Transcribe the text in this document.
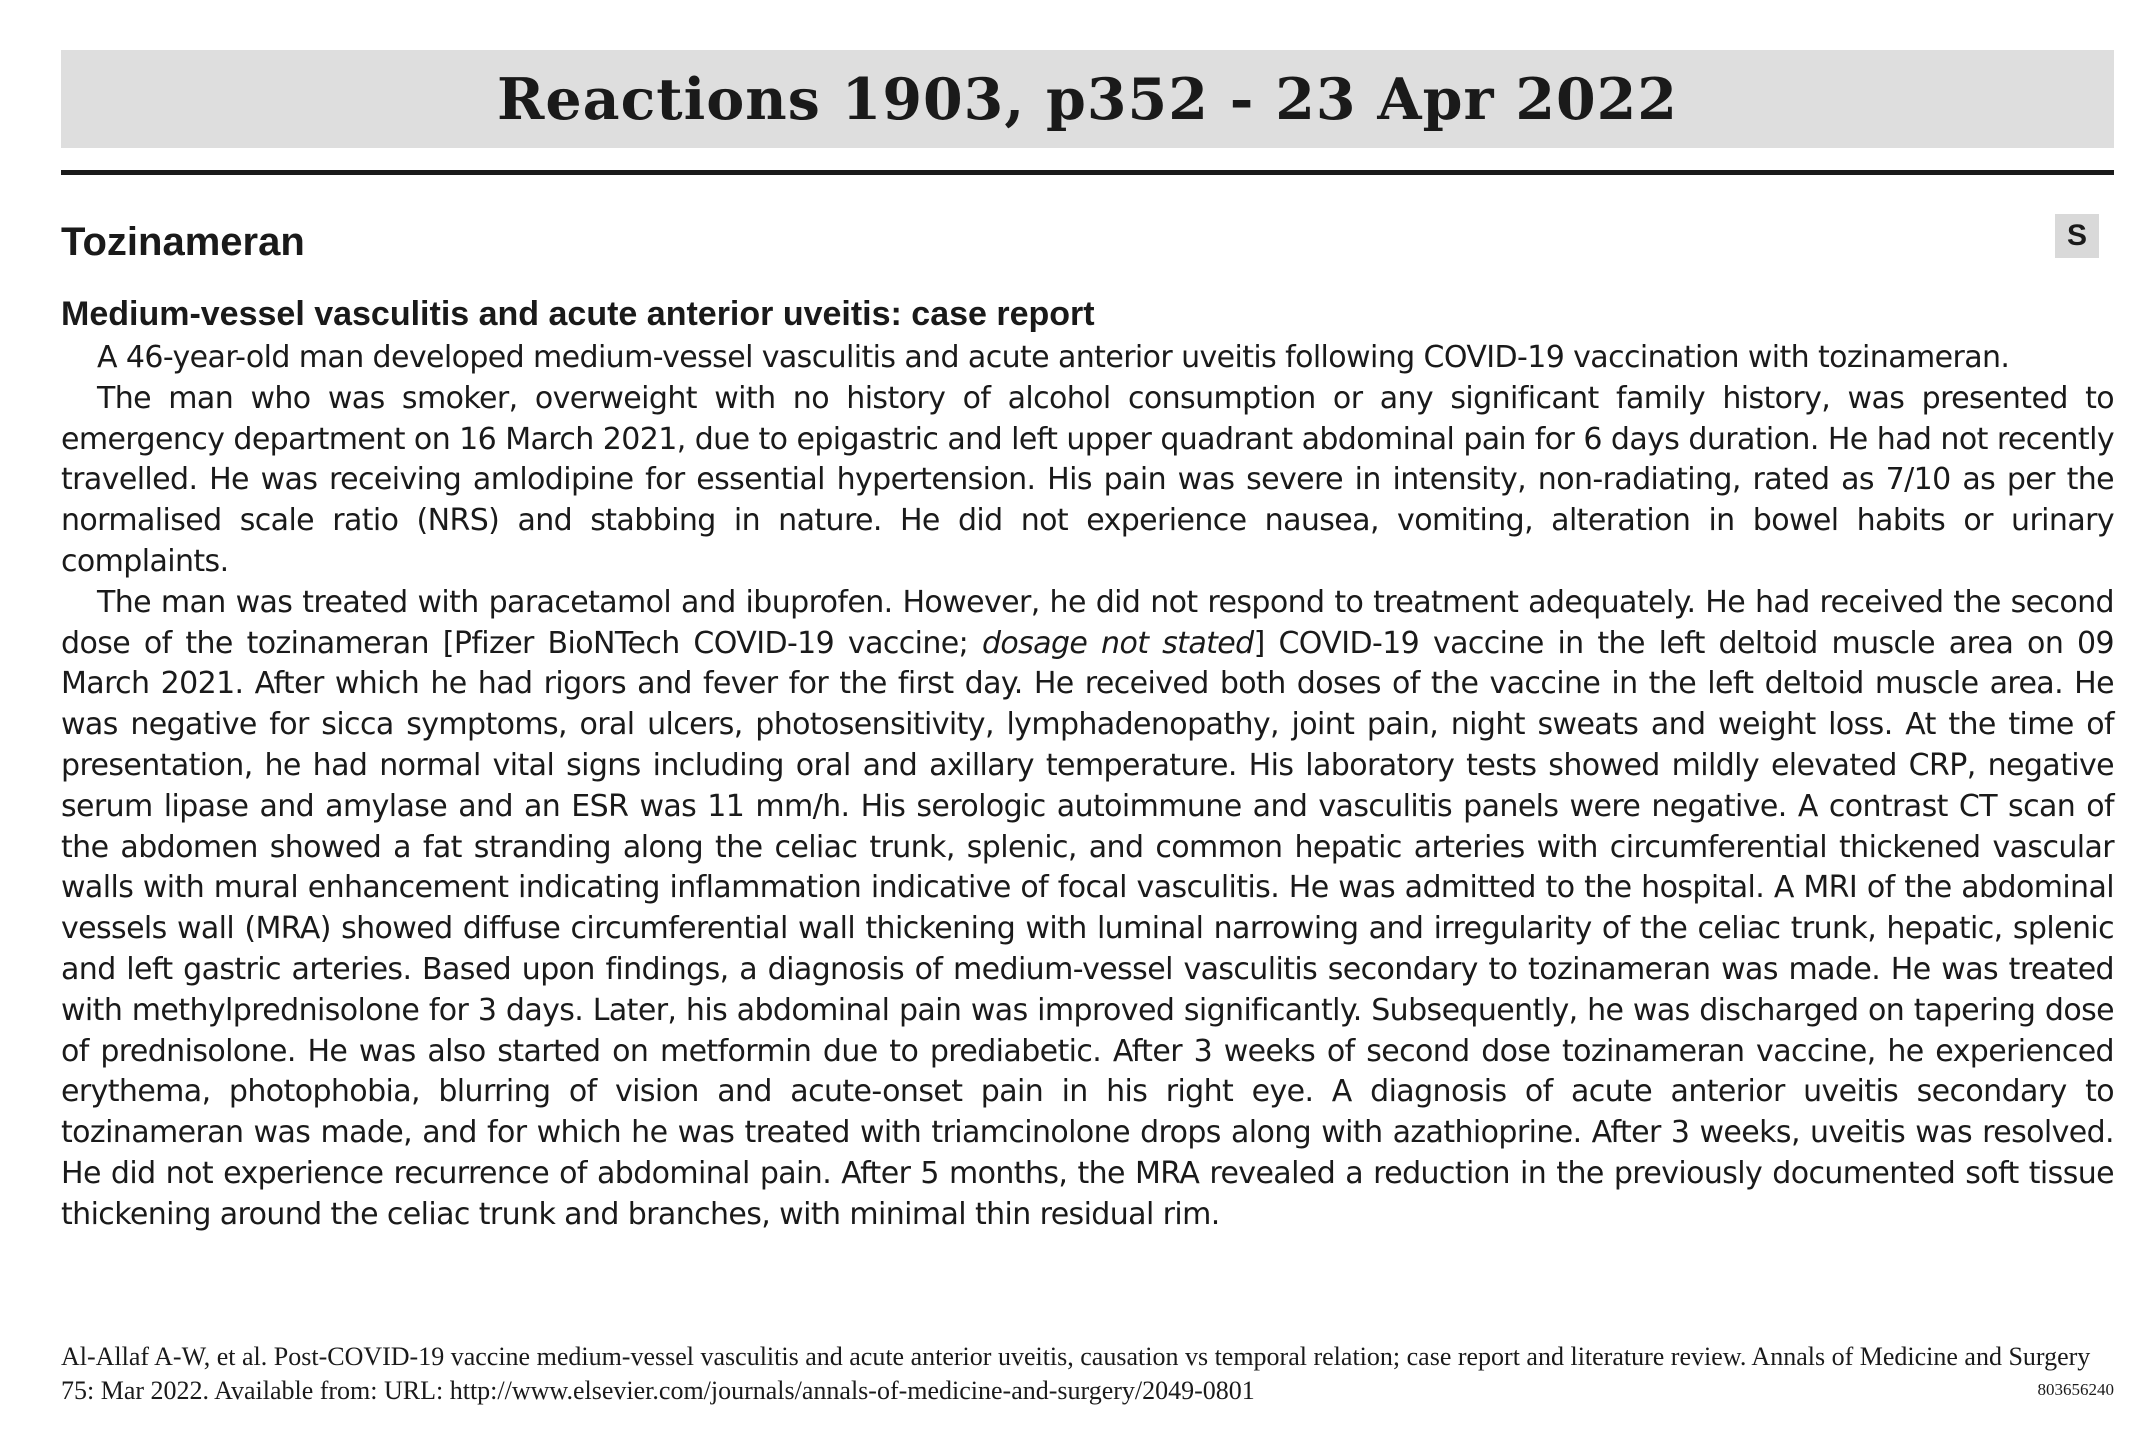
Reactions 1903, p352 - 23 Apr 2022
Tozinameran	S
Medium-vessel vasculitis and acute anterior uveitis: case report

A 46-year-old man developed medium-vessel vasculitis and acute anterior uveitis following COVID-19 vaccination with tozinameran.

The man who was smoker, overweight with no history of alcohol consumption or any significant family history, was presented to emergency department on 16 March 2021, due to epigastric and left upper quadrant abdominal pain for 6 days duration. He had not recently travelled. He was receiving amlodipine for essential hypertension. His pain was severe in intensity, non-radiating, rated as 7/10 as per the normalised scale ratio (NRS) and stabbing in nature. He did not experience nausea, vomiting, alteration in bowel habits or urinary complaints.

The man was treated with paracetamol and ibuprofen. However, he did not respond to treatment adequately. He had received the second dose of the tozinameran [Pfizer BioNTech COVID-19 vaccine; dosage not stated] COVID-19 vaccine in the left deltoid muscle area on 09 March 2021. After which he had rigors and fever for the first day. He received both doses of the vaccine in the left deltoid muscle area. He was negative for sicca symptoms, oral ulcers, photosensitivity, lymphadenopathy, joint pain, night sweats and weight loss. At the time of presentation, he had normal vital signs including oral and axillary temperature. His laboratory tests showed mildly elevated CRP, negative serum lipase and amylase and an ESR was 11 mm/h. His serologic autoimmune and vasculitis panels were negative. A contrast CT scan of the abdomen showed a fat stranding along the celiac trunk, splenic, and common hepatic arteries with circumferential thickened vascular walls with mural enhancement indicating inflammation indicative of focal vasculitis. He was admitted to the hospital. A MRI of the abdominal vessels wall (MRA) showed diffuse circumferential wall thickening with luminal narrowing and irregularity of the celiac trunk, hepatic, splenic and left gastric arteries. Based upon findings, a diagnosis of medium-vessel vasculitis secondary to tozinameran was made. He was treated with methylprednisolone for 3 days. Later, his abdominal pain was improved significantly. Subsequently, he was discharged on tapering dose of prednisolone. He was also started on metformin due to prediabetic. After 3 weeks of second dose tozinameran vaccine, he experienced erythema, photophobia, blurring of vision and acute-onset pain in his right eye. A diagnosis of acute anterior uveitis secondary to tozinameran was made, and for which he was treated with triamcinolone drops along with azathioprine. After 3 weeks, uveitis was resolved. He did not experience recurrence of abdominal pain. After 5 months, the MRA revealed a reduction in the previously documented soft tissue thickening around the celiac trunk and branches, with minimal thin residual rim.

Al-Allaf A-W, et al. Post-COVID-19 vaccine medium-vessel vasculitis and acute anterior uveitis, causation vs temporal relation; case report and literature review. Annals of Medicine and Surgery 75: Mar 2022. Available from: URL: http://www.elsevier.com/journals/annals-of-medicine-and-surgery/2049-0801	803656240
